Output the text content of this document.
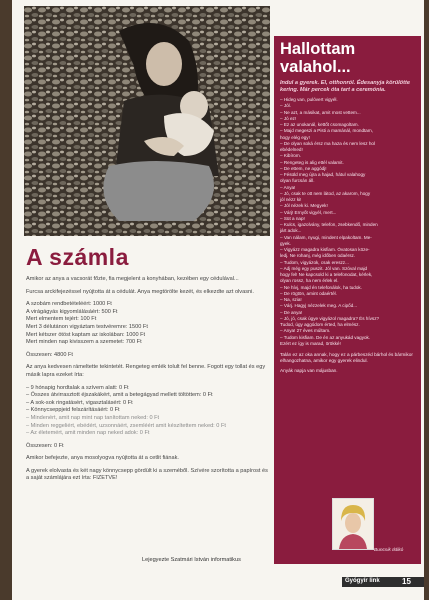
A számla

Amikor az anya a vacsorát főzte, fia megjelent a konyhában, kezében egy cédulával...

Furcsa arckifejezéssel nyújtotta át a cédulát. Anya megtörölte kezét, és elkezdte azt olvasni.

A szobám rendbetételéért: 1000 Ft
A virágágyás kigyomlálásáért: 500 Ft
Mert elmentem tejért: 100 Ft
Mert 3 délutánon vigyáztam testvéremre: 1500 Ft
Mert kétszer ötöst kaptam az iskolában: 1000 Ft
Mert minden nap kivisszem a szemetet: 700 Ft

Összesen: 4800 Ft

Az anya kedvesen rámeltette tekintetét. Rengeteg emlék tolult fel benne. Fogott egy tollat és egy másik lapra ezeket írta:

– 9 hónapig hordtalak a szívem alatt: 0 Ft
– Összes átvirrasztott éjszakákért, amit a betegágyad mellett töltöttem: 0 Ft
– A sok-sok ringatásért, vigasztalásért: 0 Ft
– Könnycseppjeid felszárításáért: 0 Ft
– Mindenért, amit nap mint nap tanítottam neked: 0 Ft
– Minden reggeliért, ebédért, uzsonnáért, zsemléért amit készítettem neked: 0 Ft
– Az életemért, amit minden nap neked adok: 0 Ft

Összesen: 0 Ft

Amikor befejezte, anya mosolyogva nyújtotta át a cetlit fiának.

A gyerek elolvasta és két nagy könnycsepp gördült ki a szeméből. Szívére szorította a papírost és a saját számlájára ezt írta: FIZETVE!

Lejegyezte Szatmári István informatikus
Hallottam
valahol...
Indul a gyerek. El, otthonról. Édesanyja körülötte kering. Már percek óta tart a ceremónia.
– Hideg van, pulóvert vigyél.
– Jól.
– Ne azt, a másikat, amit most vettem...
– Jó ez!
– Ez az unokanál, kettőt csomagoltam.
– Majd megeszi a Pisti a mamánál, mondtam,
hogy elég egy!
– De olyan soká érsz ma haza és nem lesz hol
ebédelned!
– Kibírom.
– Rengeteg is alig ettél valamit.
– De ettem, ne aggódj!
– Fésüld meg újra a hajad, hátul valahogy
olyan furcsán áll.
– Anya!
– Jó, csak te ott nem látod, az akarom, hogy
jól nézz ki!
– Jól nézek ki. Megyek!
– Várj! Ernyőt vigyél, mert...
– Süt a nap!
– Kulcs, igazolvány, telefon, zsebkendő, minden
járt adok...
– Van nálam, nyugi, mindent elpakoltam. Me-
gyek.
– Vigyázz magadra kisfiam. Óvatosan köze-
ledj. Ne rohanj, még időben odaérsz.
– Tudom, vigyázok, csak ereszz...
– Adj még egy puszit. Jól van. Szóval majd
hogy fel! Ne kapcsold ki a telefonodat, kérlek,
olyan rossz, ha nem érlek el.
– Ne hívj, majd én telefonálok, ha tudok.
– De rögtön, amint odaértél.
– Na, szia!
– Várj. Hagyj nézzelek meg. A cipőd...
– De anya!
– Jó, jó, csak úgye vigyázol magadra? És hívsz?
Tudod, úgy aggódom érted, ha elmész.
– Anya! 27 éves múltam.
– Tudom kisfiam. De én az anyukád vagyok.
Ezért ez így is marad, örökké!

Talán ez az oka annak, hogy ez a párbeszéd bárhol és bármikor elhangozhatna, amikor egy gyerek elindul.

Anyák napja van májusban.

Buncsik Ildikó
Gyógyír link	15
